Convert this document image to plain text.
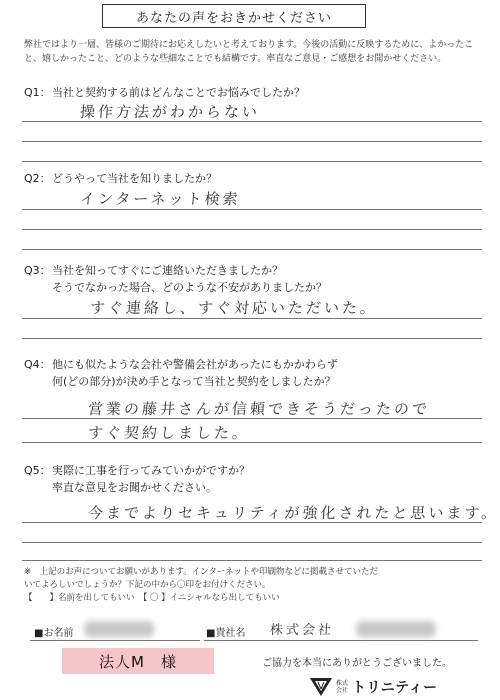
あなたの声をおきかせください
弊社ではより一層、皆様のご期待にお応えしたいと考えております。今後の活動に反映するために、よかったこと、嬉しかったこと、どのような些細なことでも結構です。率直なご意見・ご感想をお聞かせください。
Q1：当社と契約する前はどんなことでお悩みでしたか？
操作方法がわからない
Q2：どうやって当社を知りましたか？
インターネット検索
Q3：当社を知ってすぐにご連絡いただきましたか？
そうでなかった場合、どのような不安がありましたか？
すぐ連絡し、すぐ対応いただいた。
Q4：他にも似たような会社や警備会社があったにもかかわらず
何(どの部分)が決め手となって当社と契約をしましたか？
営業の藤井さんが信頼できそうだったので
すぐ契約しました。
Q5：実際に工事を行ってみていかがですか？
率直な意見をお聞かせください。
今までよりセキュリティが強化されたと思います。
※　上記のお声についてお願いがあります。インターネットや印刷物などに掲載させていただ
いてよろしいでしょうか？下記の中から〇印をお付けください。
【　　】名前を出してもいい　【 〇 】イニシャルなら出してもいい
■お名前	■貴社名 株式会社
法人M　様	ご協力を本当にありがとうございました。
株式会社 トリニティー
